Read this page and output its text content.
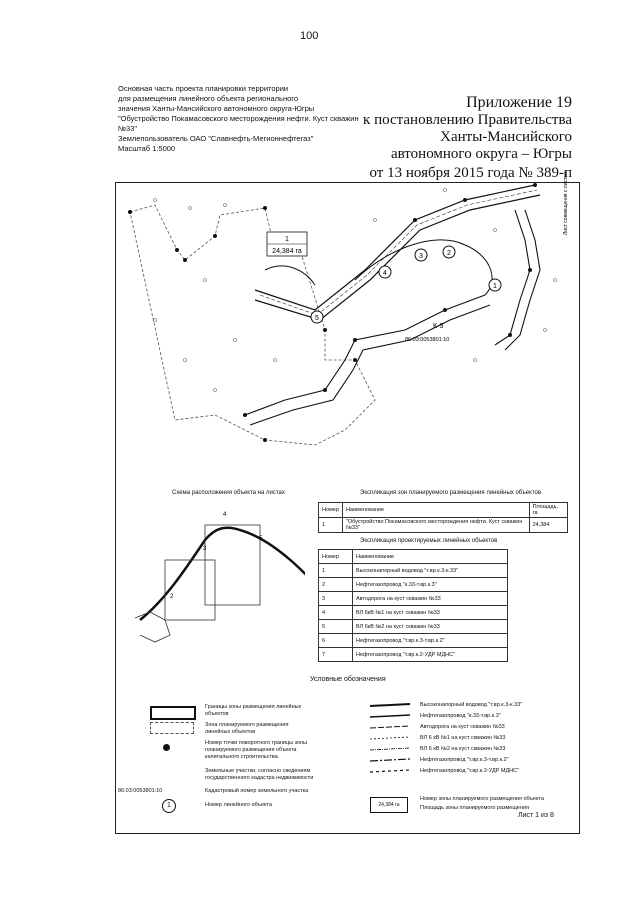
100
Приложение 19
к постановлению Правительства
Ханты-Мансийского
автономного округа – Югры
от 13 ноября 2015 года № 389-п
Основная часть проекта планировки территории
для размещения линейного объекта регионального
значения Ханты-Мансийского автономного округа-Югры
"Обустройство Покамасовского месторождения нефти. Куст скважин №33"
Землепользователь ОАО "Славнефть-Мегионнефтегаз"
Масштаб 1:5000
4
3	2
1
5
1
24,384 га
К-3
86:03:0053801:10
Лист совмещения с листом
Схема расположения объекта на листах
2
3
4
5
Экспликация зон планируемого размещения линейных объектов
Номер	Наименование	Площадь, га
1	"Обустройство Покамасовского месторождения нефти. Куст скважин №33"	24,384
Экспликация проектируемых линейных объектов
Номер	Наименование
1	Высоконапорный водовод "т.вр.к.3-к.33"
2	Нефтегазопровод "к.33-т.вр.к.3"
3	Автодорога на куст скважин №33
4	ВЛ 6кВ №1 на куст скважин №33
5	ВЛ 6кВ №2 на куст скважин №33
6	Нефтегазопровод "т.вр.к.3-т.вр.к.2"
7	Нефтегазопровод "т.вр.к.2-УДР МДНС"
Условные обозначения
Границы зоны размещения линейных объектов
Зона планируемого размещения линейных объектов
Номер точки поворотного границы зоны планируемого размещения объекта капитального строительства
Земельные участки, согласно сведениям государственного кадастра недвижимости
86:03:0053801:10	Кадастровый номер земельного участка
1	Номер линейного объекта
Высоконапорный водовод "т.вр.к.3-к.33"
Нефтегазопровод "к.33-т.вр.к.3"
Автодорога на куст скважин №33
ВЛ 6 кВ №1 на куст скважин №33
ВЛ 6 кВ №2 на куст скважин №33
Нефтегазопровод "т.вр.к.3-т.вр.к.2"
Нефтегазопровод "т.вр.к.2-УДР МДНС"
24,384 га
Номер зоны планируемого размещения объекта
Площадь зоны планируемого размещения
Лист 1 из 8
